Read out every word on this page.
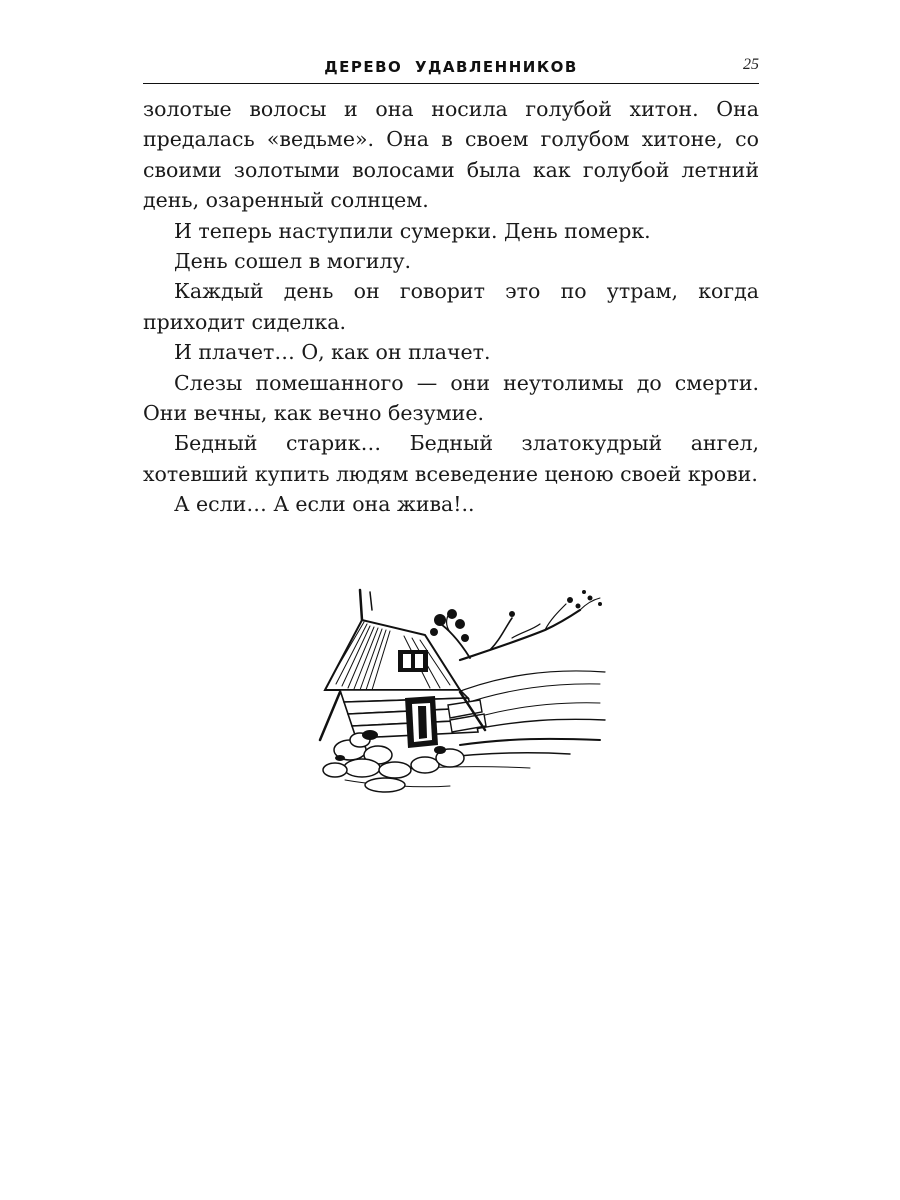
ДЕРЕВО УДАВЛЕННИКОВ	25

золотые волосы и она носила голубой хитон. Она предалась «ведьме». Она в своем голубом хитоне, со своими золотыми волосами была как голубой летний день, озаренный солнцем.

И теперь наступили сумерки. День померк.

День сошел в могилу.

Каждый день он говорит это по утрам, когда приходит сиделка.

И плачет… О, как он плачет.

Слезы помешанного — они неутолимы до смерти. Они вечны, как вечно безумие.

Бедный старик… Бедный златокудрый ангел, хотевший купить людям всеведение ценою своей крови.

А если… А если она жива!..
